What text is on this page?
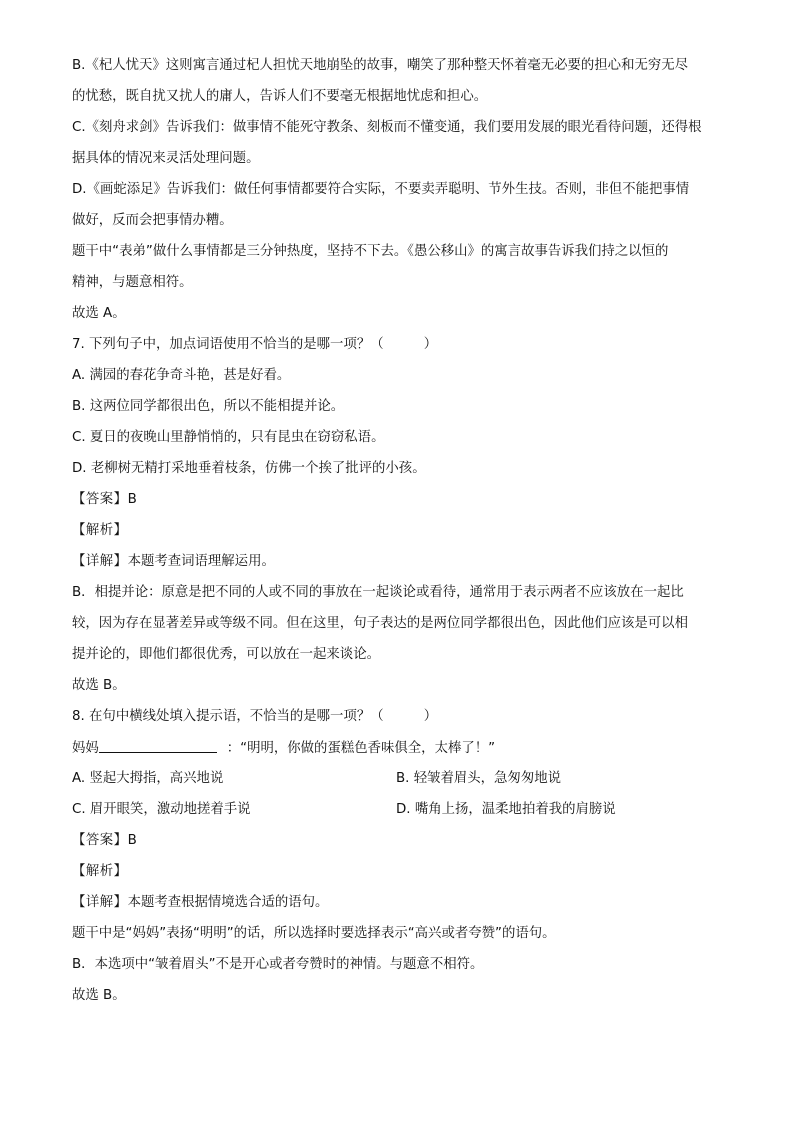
B.《杞人忧天》这则寓言通过杞人担忧天地崩坠的故事，嘲笑了那种整天怀着毫无必要的担心和无穷无尽
的忧愁，既自扰又扰人的庸人，告诉人们不要毫无根据地忧虑和担心。
C.《刻舟求剑》告诉我们：做事情不能死守教条、刻板而不懂变通，我们要用发展的眼光看待问题，还得根
据具体的情况来灵活处理问题。
D.《画蛇添足》告诉我们：做任何事情都要符合实际，不要卖弄聪明、节外生技。否则，非但不能把事情
做好，反而会把事情办糟。
题干中“表弟”做什么事情都是三分钟热度，坚持不下去。《愚公移山》的寓言故事告诉我们持之以恒的
精神，与题意相符。
故选 A。
7. 下列句子中，加点词语使用不恰当的是哪一项？（　　　）
A. 满园的春花争奇斗艳，甚是好看。
B. 这两位同学都很出色，所以不能相提并论。
C. 夏日的夜晚山里静悄悄的，只有昆虫在窃窃私语。
D. 老柳树无精打采地垂着枝条，仿佛一个挨了批评的小孩。
【答案】B
【解析】
【详解】本题考查词语理解运用。
B．相提并论：原意是把不同的人或不同的事放在一起谈论或看待，通常用于表示两者不应该放在一起比
较，因为存在显著差异或等级不同。但在这里，句子表达的是两位同学都很出色，因此他们应该是可以相
提并论的，即他们都很优秀，可以放在一起来谈论。
故选 B。
8. 在句中横线处填入提示语，不恰当的是哪一项？（　　　）
妈妈	：“明明，你做的蛋糕色香味俱全，太棒了！”
A. 竖起大拇指，高兴地说	B. 轻皱着眉头，急匆匆地说
C. 眉开眼笑，激动地搓着手说	D. 嘴角上扬，温柔地拍着我的肩膀说
【答案】B
【解析】
【详解】本题考查根据情境选合适的语句。
题干中是“妈妈”表扬“明明”的话，所以选择时要选择表示“高兴或者夸赞”的语句。
B．本选项中“皱着眉头”不是开心或者夸赞时的神情。与题意不相符。
故选 B。
